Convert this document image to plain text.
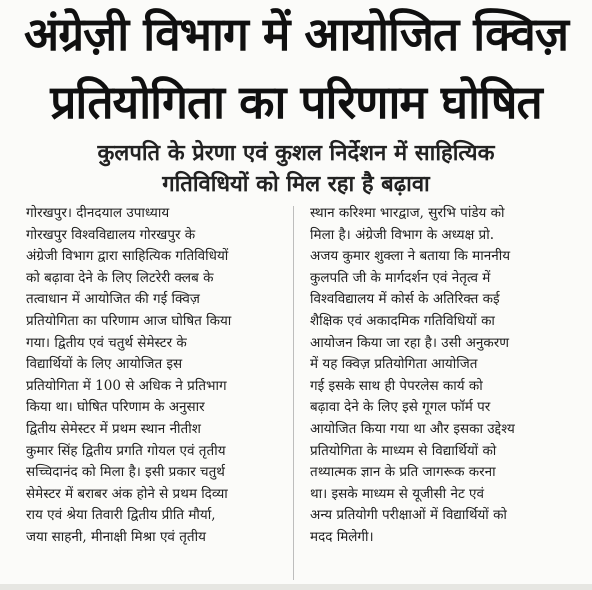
अंग्रेज़ी विभाग में आयोजित क्विज़
प्रतियोगिता का परिणाम घोषित
कुलपति के प्रेरणा एवं कुशल निर्देशन में साहित्यिक
गतिविधियों को मिल रहा है बढ़ावा
गोरखपुर। दीनदयाल उपाध्याय
गोरखपुर विश्वविद्यालय गोरखपुर के
अंग्रेजी विभाग द्वारा साहित्यिक गतिविधियों
को बढ़ावा देने के लिए लिटरेरी क्लब के
तत्वाधान में आयोजित की गई क्विज़
प्रतियोगिता का परिणाम आज घोषित किया
गया। द्वितीय एवं चतुर्थ सेमेस्टर के
विद्यार्थियों के लिए आयोजित इस
प्रतियोगिता में 100 से अधिक ने प्रतिभाग
किया था। घोषित परिणाम के अनुसार
द्वितीय सेमेस्टर में प्रथम स्थान नीतीश
कुमार सिंह द्वितीय प्रगति गोयल एवं तृतीय
सच्चिदानंद को मिला है। इसी प्रकार चतुर्थ
सेमेस्टर में बराबर अंक होने से प्रथम दिव्या
राय एवं श्रेया तिवारी द्वितीय प्रीति मौर्या,
जया साहनी, मीनाक्षी मिश्रा एवं तृतीय
स्थान करिश्मा भारद्वाज, सुरभि पांडेय को
मिला है। अंग्रेजी विभाग के अध्यक्ष प्रो.
अजय कुमार शुक्ला ने बताया कि माननीय
कुलपति जी के मार्गदर्शन एवं नेतृत्व में
विश्वविद्यालय में कोर्स के अतिरिक्त कई
शैक्षिक एवं अकादमिक गतिविधियों का
आयोजन किया जा रहा है। उसी अनुकरण
में यह क्विज़ प्रतियोगिता आयोजित
गई इसके साथ ही पेपरलेस कार्य को
बढ़ावा देने के लिए इसे गूगल फॉर्म पर
आयोजित किया गया था और इसका उद्देश्य
प्रतियोगिता के माध्यम से विद्यार्थियों को
तथ्यात्मक ज्ञान के प्रति जागरूक करना
था। इसके माध्यम से यूजीसी नेट एवं
अन्य प्रतियोगी परीक्षाओं में विद्यार्थियों को
मदद मिलेगी।
